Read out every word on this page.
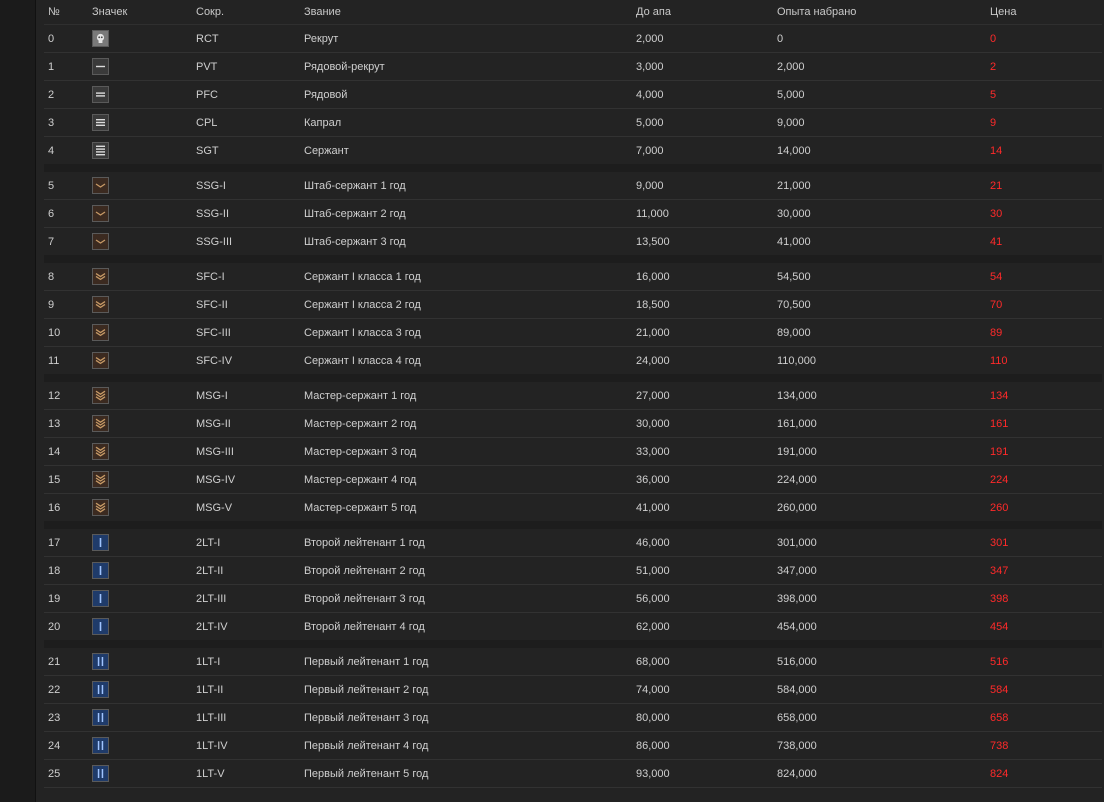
№	Значек	Сокр.	Звание	До апа	Опыта набрано	Цена
0		RCT	Рекрут	2,000	0	0
1		PVT	Рядовой-рекрут	3,000	2,000	2
2		PFC	Рядовой	4,000	5,000	5
3		CPL	Капрал	5,000	9,000	9
4		SGT	Сержант	7,000	14,000	14
5		SSG-I	Штаб-сержант 1 год	9,000	21,000	21
6		SSG-II	Штаб-сержант 2 год	11,000	30,000	30
7		SSG-III	Штаб-сержант 3 год	13,500	41,000	41
8		SFC-I	Сержант I класса 1 год	16,000	54,500	54
9		SFC-II	Сержант I класса 2 год	18,500	70,500	70
10		SFC-III	Сержант I класса 3 год	21,000	89,000	89
11		SFC-IV	Сержант I класса 4 год	24,000	110,000	110
12		MSG-I	Мастер-сержант 1 год	27,000	134,000	134
13		MSG-II	Мастер-сержант 2 год	30,000	161,000	161
14		MSG-III	Мастер-сержант 3 год	33,000	191,000	191
15		MSG-IV	Мастер-сержант 4 год	36,000	224,000	224
16		MSG-V	Мастер-сержант 5 год	41,000	260,000	260
17		2LT-I	Второй лейтенант 1 год	46,000	301,000	301
18		2LT-II	Второй лейтенант 2 год	51,000	347,000	347
19		2LT-III	Второй лейтенант 3 год	56,000	398,000	398
20		2LT-IV	Второй лейтенант 4 год	62,000	454,000	454
21		1LT-I	Первый лейтенант 1 год	68,000	516,000	516
22		1LT-II	Первый лейтенант 2 год	74,000	584,000	584
23		1LT-III	Первый лейтенант 3 год	80,000	658,000	658
24		1LT-IV	Первый лейтенант 4 год	86,000	738,000	738
25		1LT-V	Первый лейтенант 5 год	93,000	824,000	824
